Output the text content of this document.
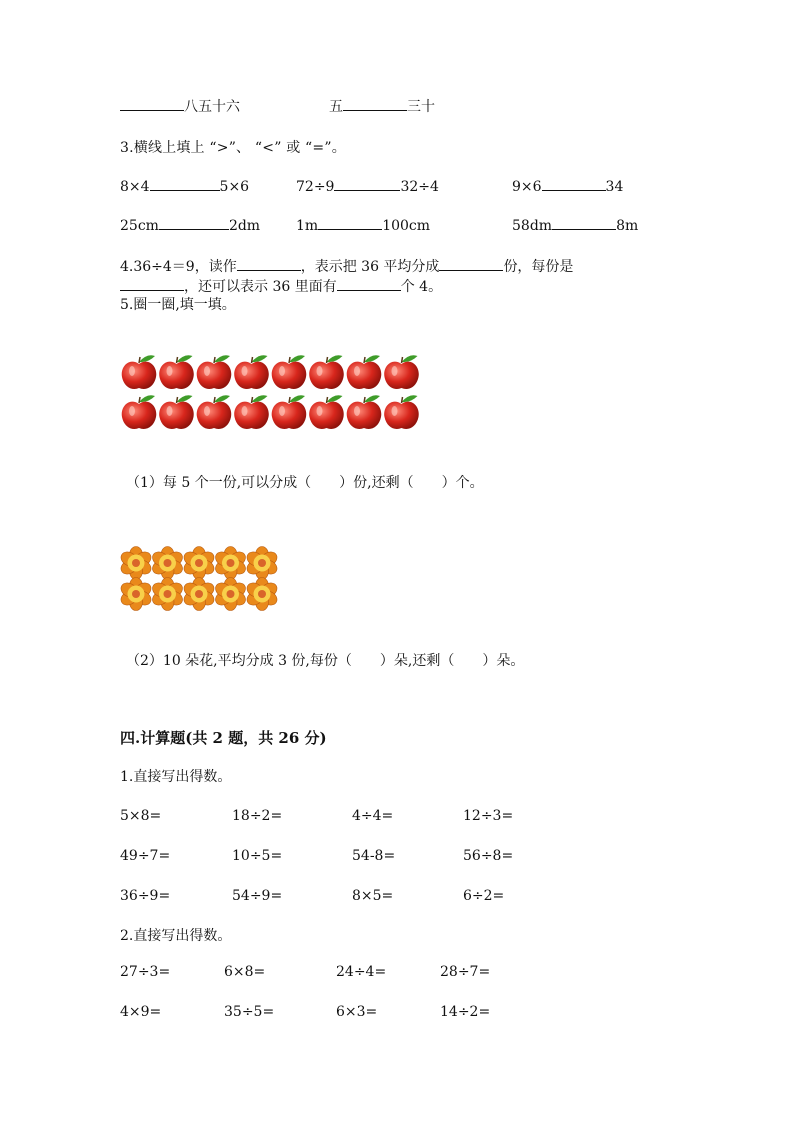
八五十六	五	三十
3.横线上填上 “>”、 “<” 或 “=”。
8×4	5×6	72÷9	32÷4	9×6	34
25cm	2dm	1m	100cm	58dm	8m
4.36÷4＝9，读作	，表示把 36 平均分成	份，每份是
，还可以表示 36 里面有	个 4。
5.圈一圈,填一填。
（1）每 5 个一份,可以分成（　　）份,还剩（　　）个。
（2）10 朵花,平均分成 3 份,每份（　　）朵,还剩（　　）朵。
四.计算题(共 2 题，共 26 分)
1.直接写出得数。
5×8=	18÷2=	4÷4=	12÷3=
49÷7=	10÷5=	54-8=	56÷8=
36÷9=	54÷9=	8×5=	6÷2=
2.直接写出得数。
27÷3=	6×8=	24÷4=	28÷7=
4×9=	35÷5=	6×3=	14÷2=
